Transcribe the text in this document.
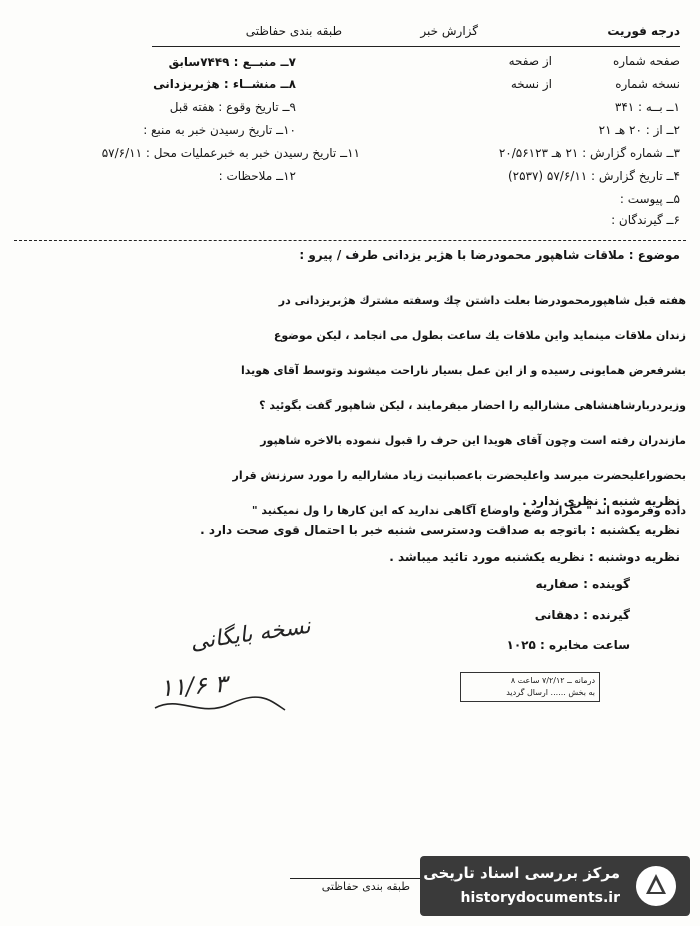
درجه فوریت
گزارش خبر
طبقه بندی حفاظتی
صفحه شماره
از صفحه
نسخه شماره
از نسخه
۱ــ بــه : ۳۴۱
۲ــ از : ۲۰ هـ ۲۱
۳ــ شماره گزارش : ۲۱ هـ ۲۰/۵۶۱۲۳
۴ــ تاریخ گزارش : ۵۷/۶/۱۱ (۲۵۳۷)
۵ــ پیوست :
۶ــ گیرندگان :
۷ــ منبــع : ۷۴۴۹سابق
۸ــ منشــاء : هژبریزدانی
۹ــ تاریخ وقوع : هفته قبل
۱۰ــ تاریخ رسیدن خبر به منبع :
۱۱ــ تاریخ رسیدن خبر به خبرعملیات محل : ۵۷/۶/۱۱
۱۲ــ ملاحظات :
موضوع : ملاقات شاهپور محمودرضا با هژبر یزدانی طرف / پیرو :
هفته قبل شاهپورمحمودرضا بعلت داشتن چك وسفته مشترك هژبریزدانی در
زندان ملاقات مینماید واین ملاقات یك ساعت بطول می انجامد ، لیکن موضوع
بشرفعرض همایونی رسیده و از این عمل بسیار ناراحت میشوند وتوسط آقای هویدا
وزیردربارشاهنشاهی مشارالیه را احضار میفرمایند ، لیکن شاهپور گفت بگوئید ؟
مازندران رفته است وچون آقای هویدا این حرف را قبول ننموده بالاخره شاهپور
بحضوراعلیحضرت میرسد واعلیحضرت باعصبانیت زیاد مشارالیه را مورد سرزنش قرار
داده وفرموده اند " مگراز وضع واوضاع آگاهی ندارید که این کارها را ول نمیکنید "
نظریه شنبه : نظری ندارد .
نظریه یکشنبه : باتوجه به صداقت ودسترسی شنبه خبر با احتمال قوی صحت دارد .
نظریه دوشنبه : نظریه یکشنبه مورد تائید میباشد .
گوینده : صفاریه
گیرنده : دهقانی
ساعت مخابره : ۱۰۲۵
نسخه بایگانی
۳ ۱۱/۶	درمانه ــ ۷/۲/۱۲ ساعت ۸
به بخش ...... ارسال گردید
طبقه بندی حفاظتی
مرکز بررسی اسناد تاریخی
historydocuments.ir
